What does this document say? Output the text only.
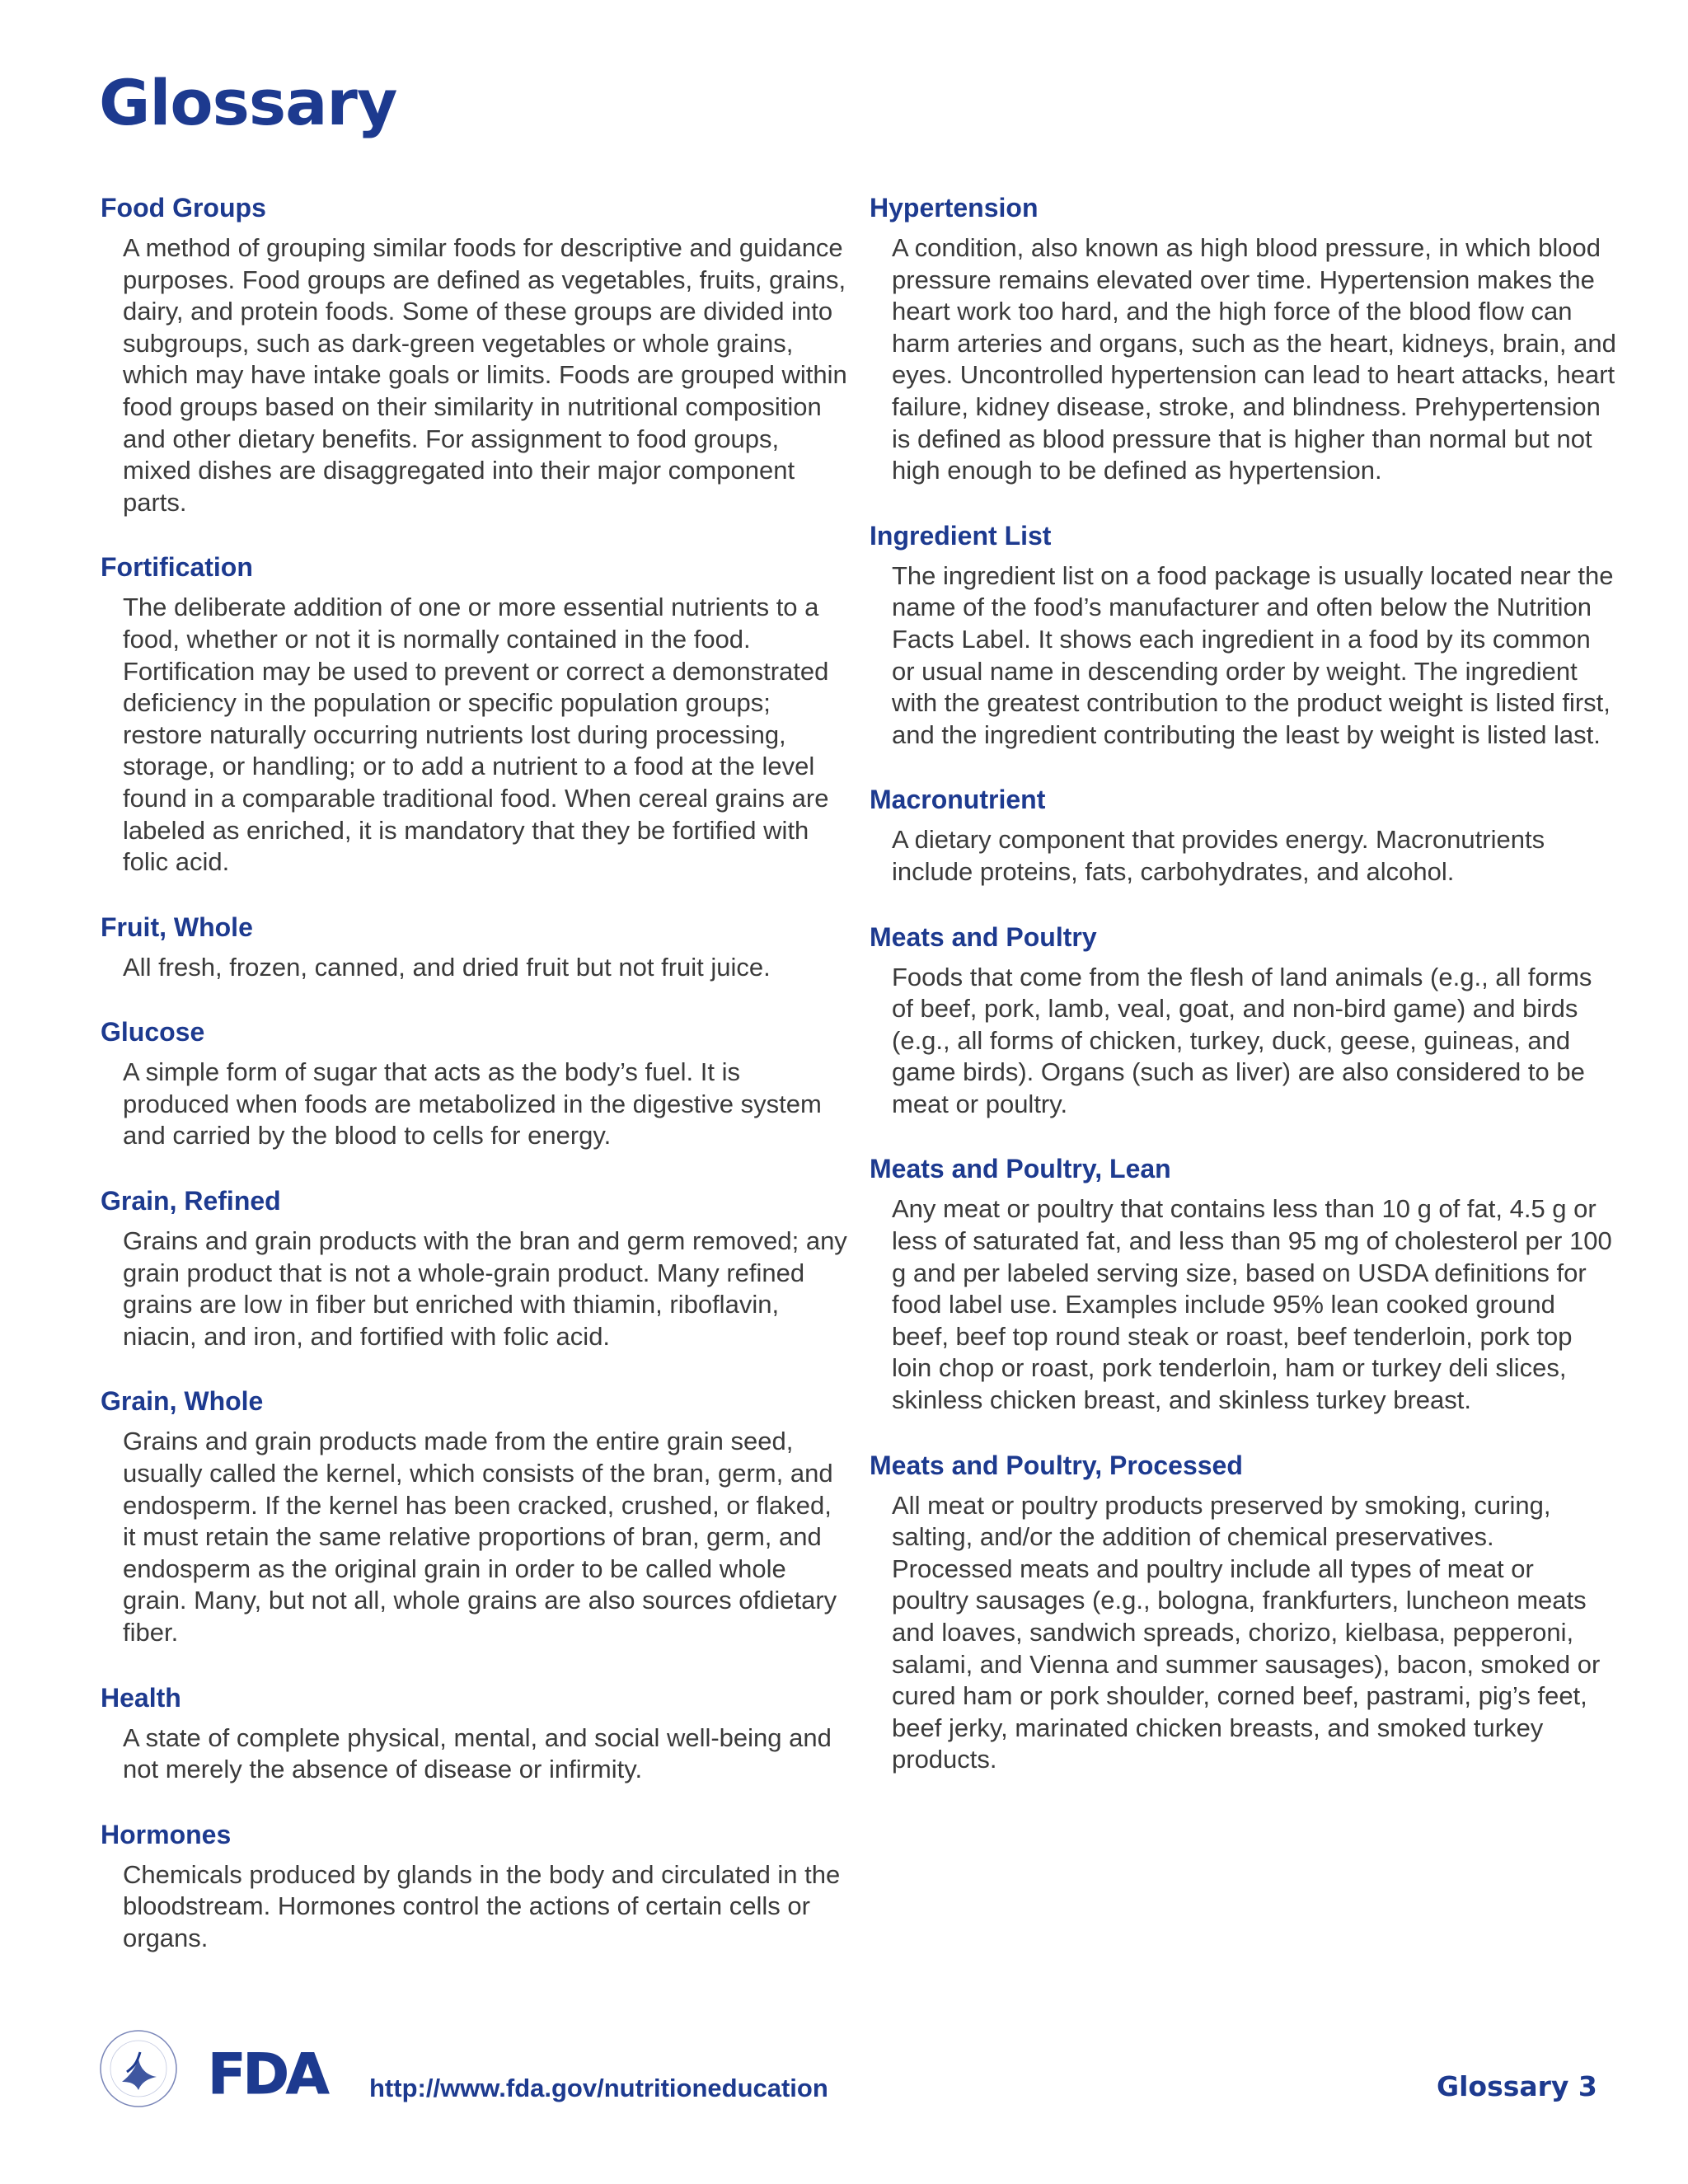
Glossary
Food Groups

A method of grouping similar foods for descriptive and guidance purposes. Food groups are defined as vegetables, fruits, grains, dairy, and protein foods. Some of these groups are divided into subgroups, such as dark-green vegetables or whole grains, which may have intake goals or limits. Foods are grouped within food groups based on their similarity in nutritional composition and other dietary benefits. For assignment to food groups, mixed dishes are disaggregated into their major component parts.

Fortification

The deliberate addition of one or more essential nutrients to a food, whether or not it is normally contained in the food. Fortification may be used to prevent or correct a demonstrated deficiency in the population or specific population groups; restore naturally occurring nutrients lost during processing, storage, or handling; or to add a nutrient to a food at the level found in a comparable traditional food. When cereal grains are labeled as enriched, it is mandatory that they be fortified with folic acid.

Fruit, Whole

All fresh, frozen, canned, and dried fruit but not fruit juice.

Glucose

A simple form of sugar that acts as the body’s fuel. It is produced when foods are metabolized in the digestive system and carried by the blood to cells for energy.

Grain, Refined

Grains and grain products with the bran and germ removed; any grain product that is not a whole-grain product. Many refined grains are low in fiber but enriched with thiamin, riboflavin, niacin, and iron, and fortified with folic acid.

Grain, Whole

Grains and grain products made from the entire grain seed, usually called the kernel, which consists of the bran, germ, and endosperm. If the kernel has been cracked, crushed, or flaked, it must retain the same relative proportions of bran, germ, and endosperm as the original grain in order to be called whole grain. Many, but not all, whole grains are also sources ofdietary fiber.

Health

A state of complete physical, mental, and social well-being and not merely the absence of disease or infirmity.

Hormones

Chemicals produced by glands in the body and circulated in the bloodstream. Hormones control the actions of certain cells or organs.

Hypertension

A condition, also known as high blood pressure, in which blood pressure remains elevated over time. Hypertension makes the heart work too hard, and the high force of the blood flow can harm arteries and organs, such as the heart, kidneys, brain, and eyes. Uncontrolled hypertension can lead to heart attacks, heart failure, kidney disease, stroke, and blindness. Prehypertension is defined as blood pressure that is higher than normal but not high enough to be defined as hypertension.

Ingredient List

The ingredient list on a food package is usually located near the name of the food’s manufacturer and often below the Nutrition Facts Label. It shows each ingredient in a food by its common or usual name in descending order by weight. The ingredient with the greatest contribution to the product weight is listed first, and the ingredient contributing the least by weight is listed last.

Macronutrient

A dietary component that provides energy. Macronutrients include proteins, fats, carbohydrates, and alcohol.

Meats and Poultry

Foods that come from the flesh of land animals (e.g., all forms of beef, pork, lamb, veal, goat, and non-bird game) and birds (e.g., all forms of chicken, turkey, duck, geese, guineas, and game birds). Organs (such as liver) are also considered to be meat or poultry.

Meats and Poultry, Lean

Any meat or poultry that contains less than 10 g of fat, 4.5 g or less of saturated fat, and less than 95 mg of cholesterol per 100 g and per labeled serving size, based on USDA definitions for food label use. Examples include 95% lean cooked ground beef, beef top round steak or roast, beef tenderloin, pork top loin chop or roast, pork tenderloin, ham or turkey deli slices, skinless chicken breast, and skinless turkey breast.

Meats and Poultry, Processed

All meat or poultry products preserved by smoking, curing, salting, and/or the addition of chemical preservatives. Processed meats and poultry include all types of meat or poultry sausages (e.g., bologna, frankfurters, luncheon meats and loaves, sandwich spreads, chorizo, kielbasa, pepperoni, salami, and Vienna and summer sausages), bacon, smoked or cured ham or pork shoulder, corned beef, pastrami, pig’s feet, beef jerky, marinated chicken breasts, and smoked turkey products.

FDA http://www.fda.gov/nutritioneducation	Glossary 3
